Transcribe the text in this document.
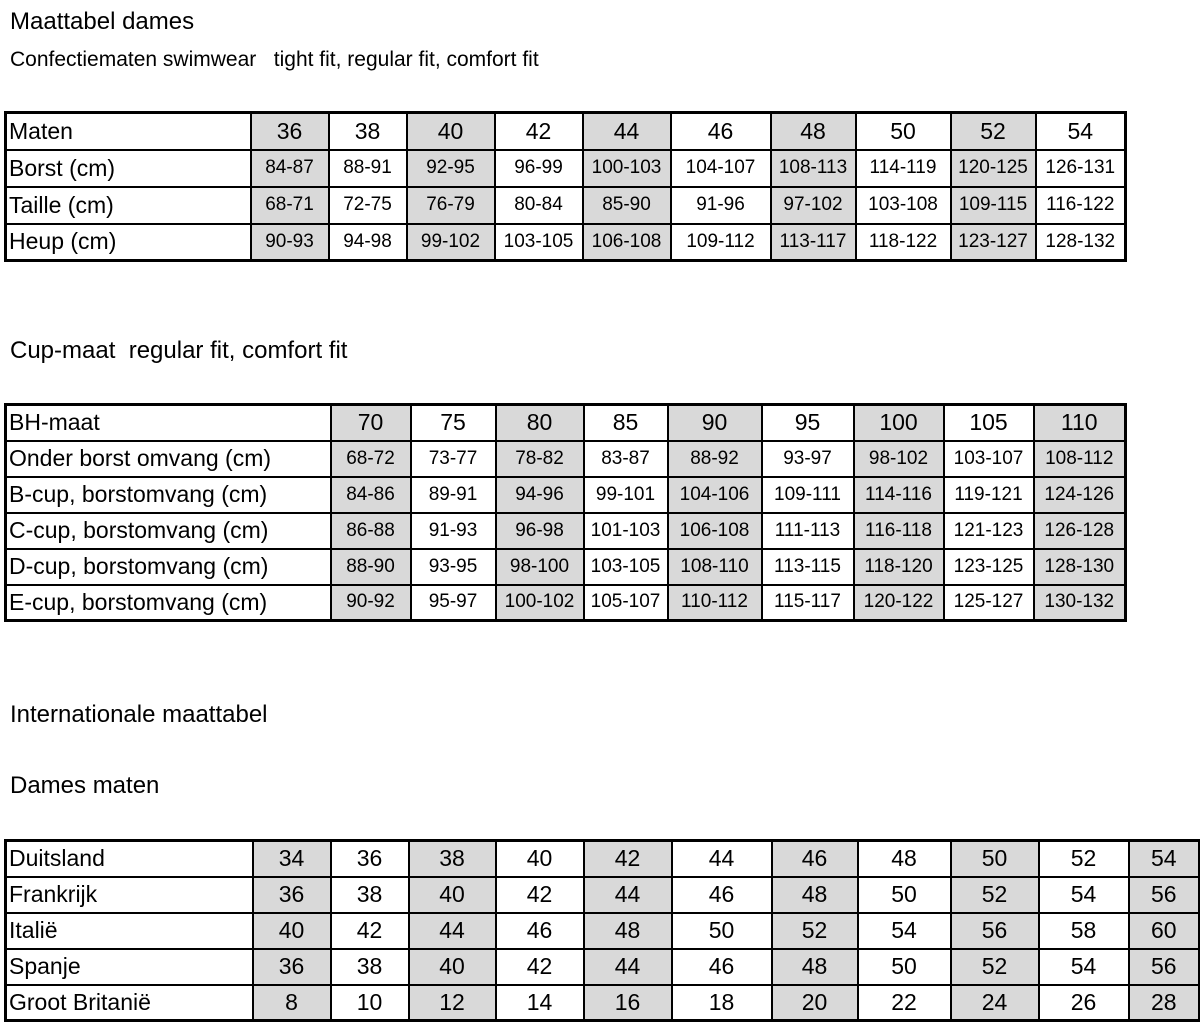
Maattabel dames
Confectiematen swimwear   tight fit, regular fit, comfort fit
Maten	36	38	40	42	44	46	48	50	52	54
Borst (cm)	84-87	88-91	92-95	96-99	100-103	104-107	108-113	114-119	120-125	126-131
Taille (cm)	68-71	72-75	76-79	80-84	85-90	91-96	97-102	103-108	109-115	116-122
Heup (cm)	90-93	94-98	99-102	103-105	106-108	109-112	113-117	118-122	123-127	128-132
Cup-maat  regular fit, comfort fit
BH-maat	70	75	80	85	90	95	100	105	110
Onder borst omvang (cm)	68-72	73-77	78-82	83-87	88-92	93-97	98-102	103-107	108-112
B-cup, borstomvang (cm)	84-86	89-91	94-96	99-101	104-106	109-111	114-116	119-121	124-126
C-cup, borstomvang (cm)	86-88	91-93	96-98	101-103	106-108	111-113	116-118	121-123	126-128
D-cup, borstomvang (cm)	88-90	93-95	98-100	103-105	108-110	113-115	118-120	123-125	128-130
E-cup, borstomvang (cm)	90-92	95-97	100-102	105-107	110-112	115-117	120-122	125-127	130-132
Internationale maattabel
Dames maten
Duitsland	34	36	38	40	42	44	46	48	50	52	54
Frankrijk	36	38	40	42	44	46	48	50	52	54	56
Italië	40	42	44	46	48	50	52	54	56	58	60
Spanje	36	38	40	42	44	46	48	50	52	54	56
Groot Britanië	8	10	12	14	16	18	20	22	24	26	28
